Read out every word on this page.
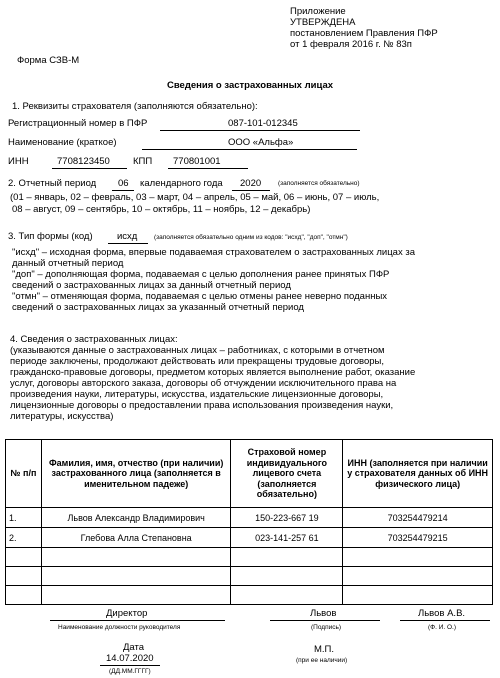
Приложение
УТВЕРЖДЕНА
постановлением Правления ПФР
от 1 февраля 2016 г. № 83п
Форма СЗВ-М
Сведения о застрахованных лицах
1. Реквизиты страхователя (заполняются обязательно):
Регистрационный номер в ПФР	087-101-012345
Наименование (краткое)	ООО «Альфа»
ИНН	7708123450 КПП 770801001
2. Отчетный период 06 календарного года 2020	(заполняется обязательно)
(01 – январь, 02 – февраль, 03 – март, 04 – апрель, 05 – май, 06 – июнь, 07 – июль,
08 – август, 09 – сентябрь, 10 – октябрь, 11 – ноябрь, 12 – декабрь)
3. Тип формы (код)	исхд	(заполняется обязательно одним из кодов: "исхд", "доп", "отмн")
"исхд" – исходная форма, впервые подаваемая страхователем о застрахованных лицах за
данный отчетный период
"доп" – дополняющая форма, подаваемая с целью дополнения ранее принятых ПФР
сведений о застрахованных лицах за данный отчетный период
"отмн" – отменяющая форма, подаваемая с целью отмены ранее неверно поданных
сведений о застрахованных лицах за указанный отчетный период
4. Сведения о застрахованных лицах:
(указываются данные о застрахованных лицах – работниках, с которыми в отчетном
периоде заключены, продолжают действовать или прекращены трудовые договоры,
гражданско-правовые договоры, предметом которых является выполнение работ, оказание
услуг, договоры авторского заказа, договоры об отчуждении исключительного права на
произведения науки, литературы, искусства, издательские лицензионные договоры,
лицензионные договоры о предоставлении права использования произведения науки,
литературы, искусства)
№ п/п	Фамилия, имя, отчество (при наличии) застрахованного лица (заполняется в именительном падеже)	Страховой номер индивидуального лицевого счета (заполняется обязательно)	ИНН (заполняется при наличии у страхователя данных об ИНН физического лица)
1.	Львов Александр Владимирович	150-223-667 19	703254479214
2.	Глебова Алла Степановна	023-141-257 61	703254479215

Директор
Наименование должности руководителя
Львов
(Подпись)
Львов А.В.
(Ф. И. О.)
Дата
14.07.2020
(ДД.ММ.ГГГГ)
М.П.
(при ее наличии)
